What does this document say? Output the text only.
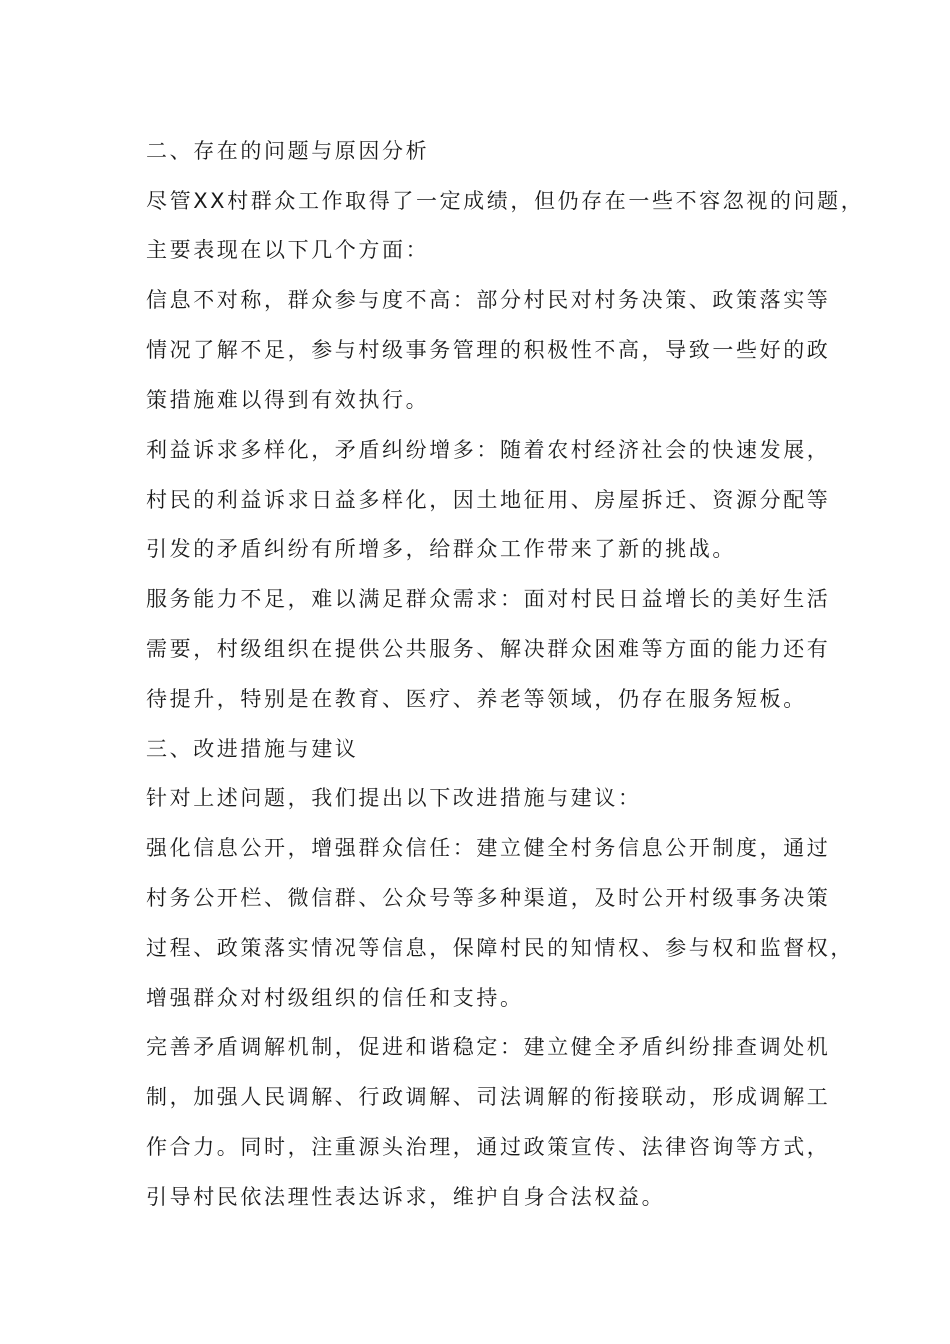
二、存在的问题与原因分析
尽管XX村群众工作取得了一定成绩，但仍存在一些不容忽视的问题，
主要表现在以下几个方面：
信息不对称，群众参与度不高：部分村民对村务决策、政策落实等
情况了解不足，参与村级事务管理的积极性不高，导致一些好的政
策措施难以得到有效执行。
利益诉求多样化，矛盾纠纷增多：随着农村经济社会的快速发展，
村民的利益诉求日益多样化，因土地征用、房屋拆迁、资源分配等
引发的矛盾纠纷有所增多，给群众工作带来了新的挑战。
服务能力不足，难以满足群众需求：面对村民日益增长的美好生活
需要，村级组织在提供公共服务、解决群众困难等方面的能力还有
待提升，特别是在教育、医疗、养老等领域，仍存在服务短板。
三、改进措施与建议
针对上述问题，我们提出以下改进措施与建议：
强化信息公开，增强群众信任：建立健全村务信息公开制度，通过
村务公开栏、微信群、公众号等多种渠道，及时公开村级事务决策
过程、政策落实情况等信息，保障村民的知情权、参与权和监督权，
增强群众对村级组织的信任和支持。
完善矛盾调解机制，促进和谐稳定：建立健全矛盾纠纷排查调处机
制，加强人民调解、行政调解、司法调解的衔接联动，形成调解工
作合力。同时，注重源头治理，通过政策宣传、法律咨询等方式，
引导村民依法理性表达诉求，维护自身合法权益。
